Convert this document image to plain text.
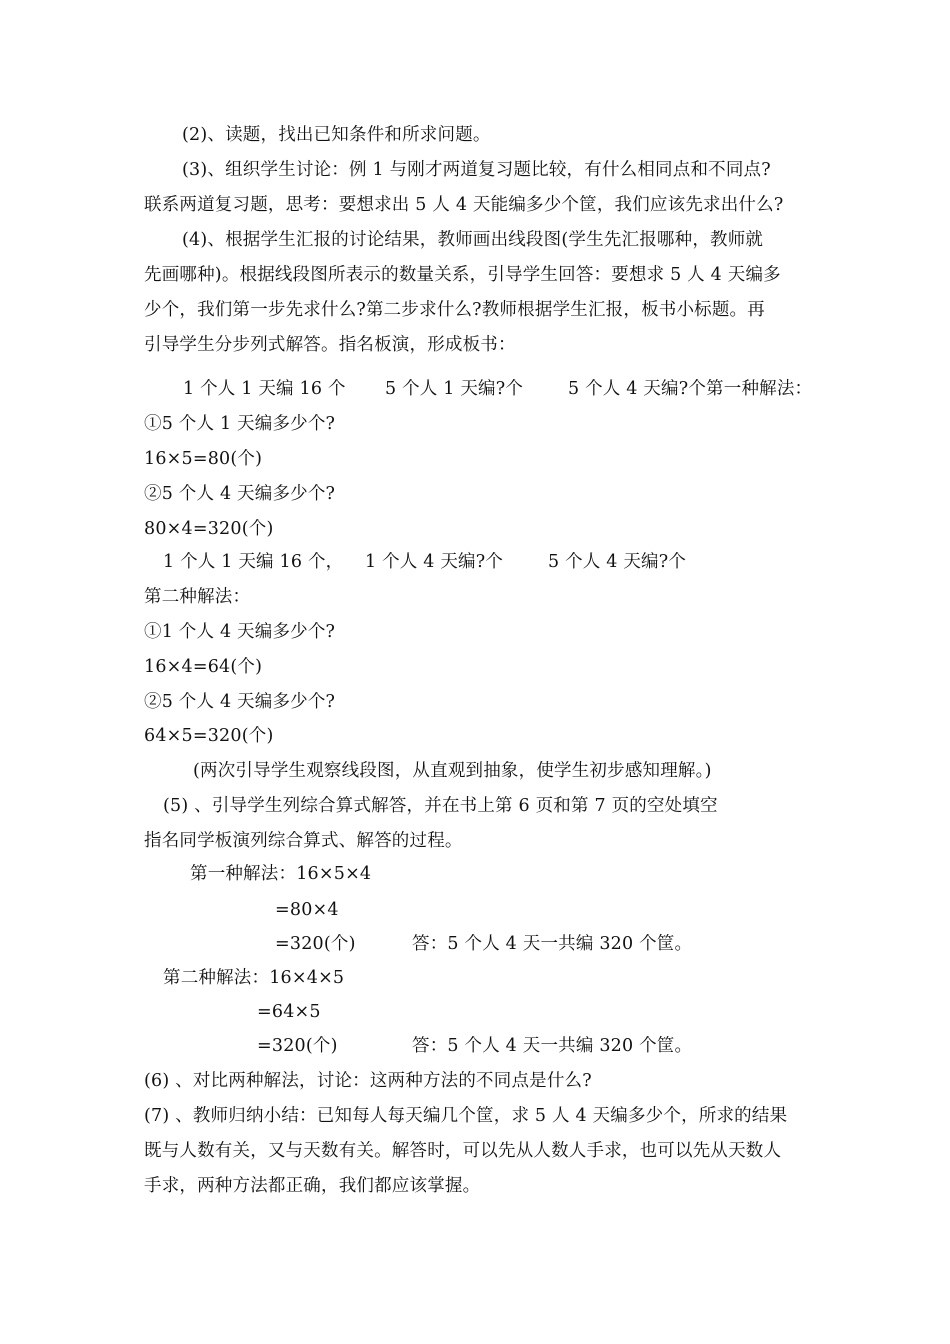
(2)、读题，找出已知条件和所求问题。
(3)、组织学生讨论：例 1 与刚才两道复习题比较，有什么相同点和不同点?
联系两道复习题，思考：要想求出 5 人 4 天能编多少个筐，我们应该先求出什么?
(4)、根据学生汇报的讨论结果，教师画出线段图(学生先汇报哪种，教师就
先画哪种)。根据线段图所表示的数量关系，引导学生回答：要想求 5 人 4 天编多
少个，我们第一步先求什么?第二步求什么?教师根据学生汇报，板书小标题。再
引导学生分步列式解答。指名板演，形成板书：
1 个人 1 天编 16 个 5 个人 1 天编?个	5 个人 4 天编?个第一种解法：
①5 个人 1 天编多少个?
16×5=80(个)
②5 个人 4 天编多少个?
80×4=320(个)
1 个人 1 天编 16 个， 1 个人 4 天编?个	5 个人 4 天编?个
第二种解法：
①1 个人 4 天编多少个?
16×4=64(个)
②5 个人 4 天编多少个?
64×5=320(个)
(两次引导学生观察线段图，从直观到抽象，使学生初步感知理解。)
(5) 、引导学生列综合算式解答，并在书上第 6 页和第 7 页的空处填空
指名同学板演列综合算式、解答的过程。
第一种解法：16×5×4
=80×4
=320(个)	答：5 个人 4 天一共编 320 个筐。
第二种解法：16×4×5
=64×5
=320(个)	答：5 个人 4 天一共编 320 个筐。
(6) 、对比两种解法，讨论：这两种方法的不同点是什么?
(7) 、教师归纳小结：已知每人每天编几个筐，求 5 人 4 天编多少个，所求的结果
既与人数有关，又与天数有关。解答时，可以先从人数人手求，也可以先从天数人
手求，两种方法都正确，我们都应该掌握。
